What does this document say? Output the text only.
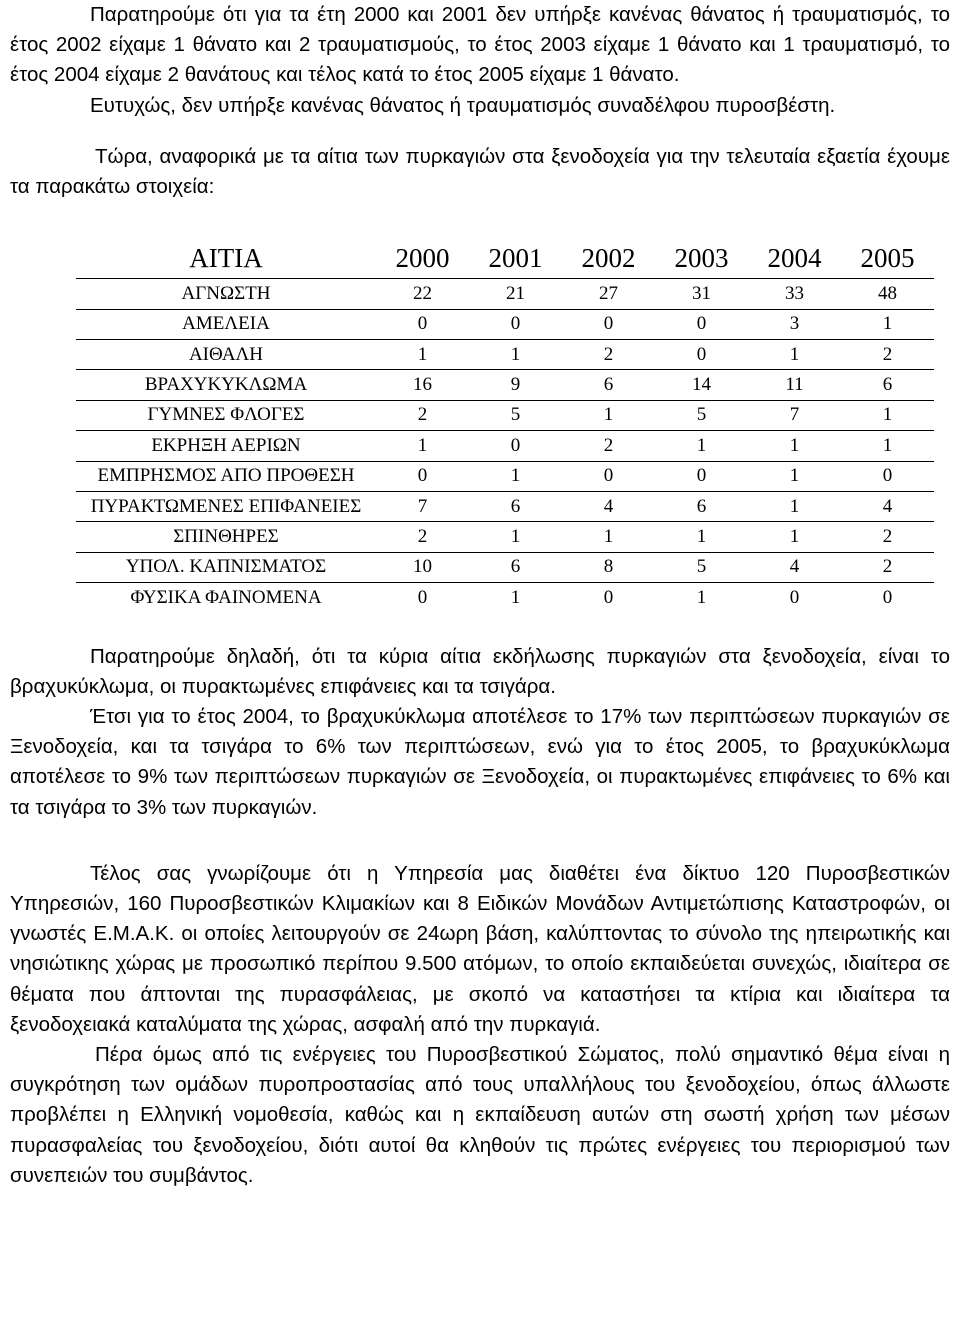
Παρατηρούμε ότι για τα έτη 2000 και 2001 δεν υπήρξε κανένας θάνατος ή τραυματισμός, το έτος 2002 είχαμε 1 θάνατο και 2 τραυματισμούς, το έτος 2003 είχαμε 1 θάνατο και 1 τραυματισμό, το έτος 2004 είχαμε 2 θανάτους και τέλος κατά το έτος 2005 είχαμε 1 θάνατο.

Ευτυχώς, δεν υπήρξε κανένας θάνατος ή τραυματισμός συναδέλφου πυροσβέστη.

Τώρα, αναφορικά με τα αίτια των πυρκαγιών στα ξενοδοχεία για την τελευταία εξαετία έχουμε τα παρακάτω στοιχεία:

ΑΙΤΙΑ	2000	2001	2002	2003	2004	2005
ΑΓΝΩΣΤΗ	22	21	27	31	33	48
ΑΜΕΛΕΙΑ	0	0	0	0	3	1
ΑΙΘΑΛΗ	1	1	2	0	1	2
ΒΡΑΧΥΚΥΚΛΩΜΑ	16	9	6	14	11	6
ΓΥΜΝΕΣ ΦΛΟΓΕΣ	2	5	1	5	7	1
ΕΚΡΗΞΗ ΑΕΡΙΩΝ	1	0	2	1	1	1
ΕΜΠΡΗΣΜΟΣ ΑΠΟ ΠΡΟΘΕΣΗ	0	1	0	0	1	0
ΠΥΡΑΚΤΩΜΕΝΕΣ ΕΠΙΦΑΝΕΙΕΣ	7	6	4	6	1	4
ΣΠΙΝΘΗΡΕΣ	2	1	1	1	1	2
ΥΠΟΛ. ΚΑΠΝΙΣΜΑΤΟΣ	10	6	8	5	4	2
ΦΥΣΙΚΑ ΦΑΙΝΟΜΕΝΑ	0	1	0	1	0	0

Παρατηρούμε δηλαδή, ότι τα κύρια αίτια εκδήλωσης πυρκαγιών στα ξενοδοχεία, είναι το βραχυκύκλωμα, οι πυρακτωμένες επιφάνειες και τα τσιγάρα.

Έτσι για το έτος 2004, το βραχυκύκλωμα αποτέλεσε το 17% των περιπτώσεων πυρκαγιών σε Ξενοδοχεία, και τα τσιγάρα το 6% των περιπτώσεων, ενώ για το έτος 2005, το βραχυκύκλωμα αποτέλεσε το 9% των περιπτώσεων πυρκαγιών σε Ξενοδοχεία, οι πυρακτωμένες επιφάνειες το 6% και τα τσιγάρα το 3% των πυρκαγιών.

Τέλος σας γνωρίζουμε ότι η Υπηρεσία μας διαθέτει ένα δίκτυο 120 Πυροσβεστικών Υπηρεσιών, 160 Πυροσβεστικών Κλιμακίων και 8 Ειδικών Μονάδων Αντιμετώπισης Καταστροφών, οι γνωστές Ε.Μ.Α.Κ. οι οποίες λειτουργούν σε 24ωρη βάση, καλύπτοντας το σύνολο της ηπειρωτικής και νησιώτικης χώρας με προσωπικό περίπου 9.500 ατόμων, το οποίο εκπαιδεύεται συνεχώς, ιδιαίτερα σε θέματα που άπτονται της πυρασφάλειας, με σκοπό να καταστήσει τα κτίρια και ιδιαίτερα τα ξενοδοχειακά καταλύματα της χώρας, ασφαλή από την πυρκαγιά.

Πέρα όμως από τις ενέργειες του Πυροσβεστικού Σώματος, πολύ σημαντικό θέμα είναι η συγκρότηση των ομάδων πυροπροστασίας από τους υπαλλήλους του ξενοδοχείου, όπως άλλωστε προβλέπει η Ελληνική νομοθεσία, καθώς και η εκπαίδευση αυτών στη σωστή χρήση των μέσων πυρασφαλείας του ξενοδοχείου, διότι αυτοί θα κληθούν τις πρώτες ενέργειες του περιορισμού των συνεπειών του συμβάντος.
